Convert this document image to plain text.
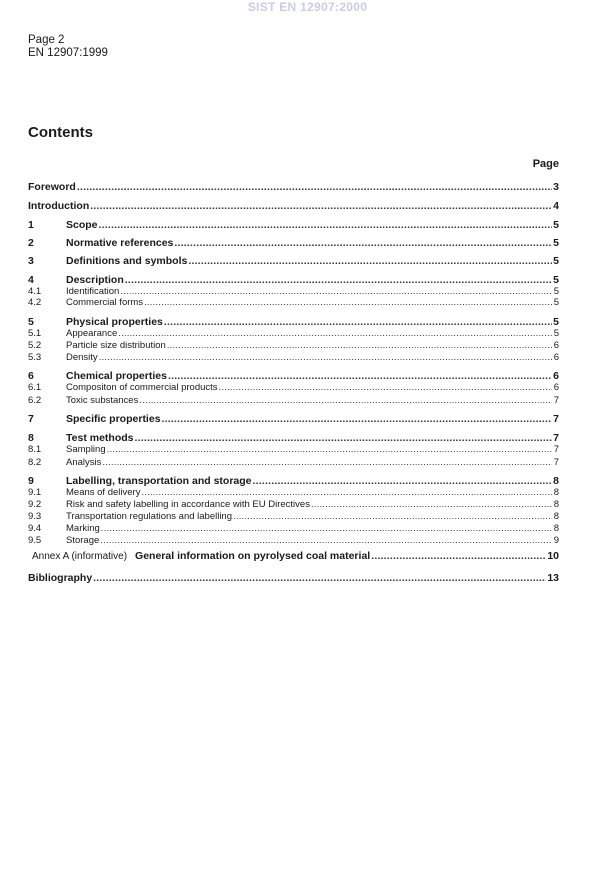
SIST EN 12907:2000
Page 2
EN 12907:1999
Contents
Page
Foreword .....	3
Introduction .....	4
1	Scope .....	5
2	Normative references .....	5
3	Definitions and symbols .....	5
4	Description .....	5
4.1	Identification .....	5
4.2	Commercial forms .....	5
5	Physical properties .....	5
5.1	Appearance .....	5
5.2	Particle size distribution .....	6
5.3	Density .....	6
6	Chemical properties .....	6
6.1	Compositon of commercial products .....	6
6.2	Toxic substances .....	7
7	Specific properties .....	7
8	Test methods .....	7
8.1	Sampling .....	7
8.2	Analysis .....	7
9	Labelling, transportation and storage .....	8
9.1	Means of delivery .....	8
9.2	Risk and safety labelling in accordance with EU Directives .....	8
9.3	Transportation regulations and labelling .....	8
9.4	Marking .....	8
9.5	Storage .....	9
Annex A (informative) General information on pyrolysed coal material .....	10
Bibliography .....	13
